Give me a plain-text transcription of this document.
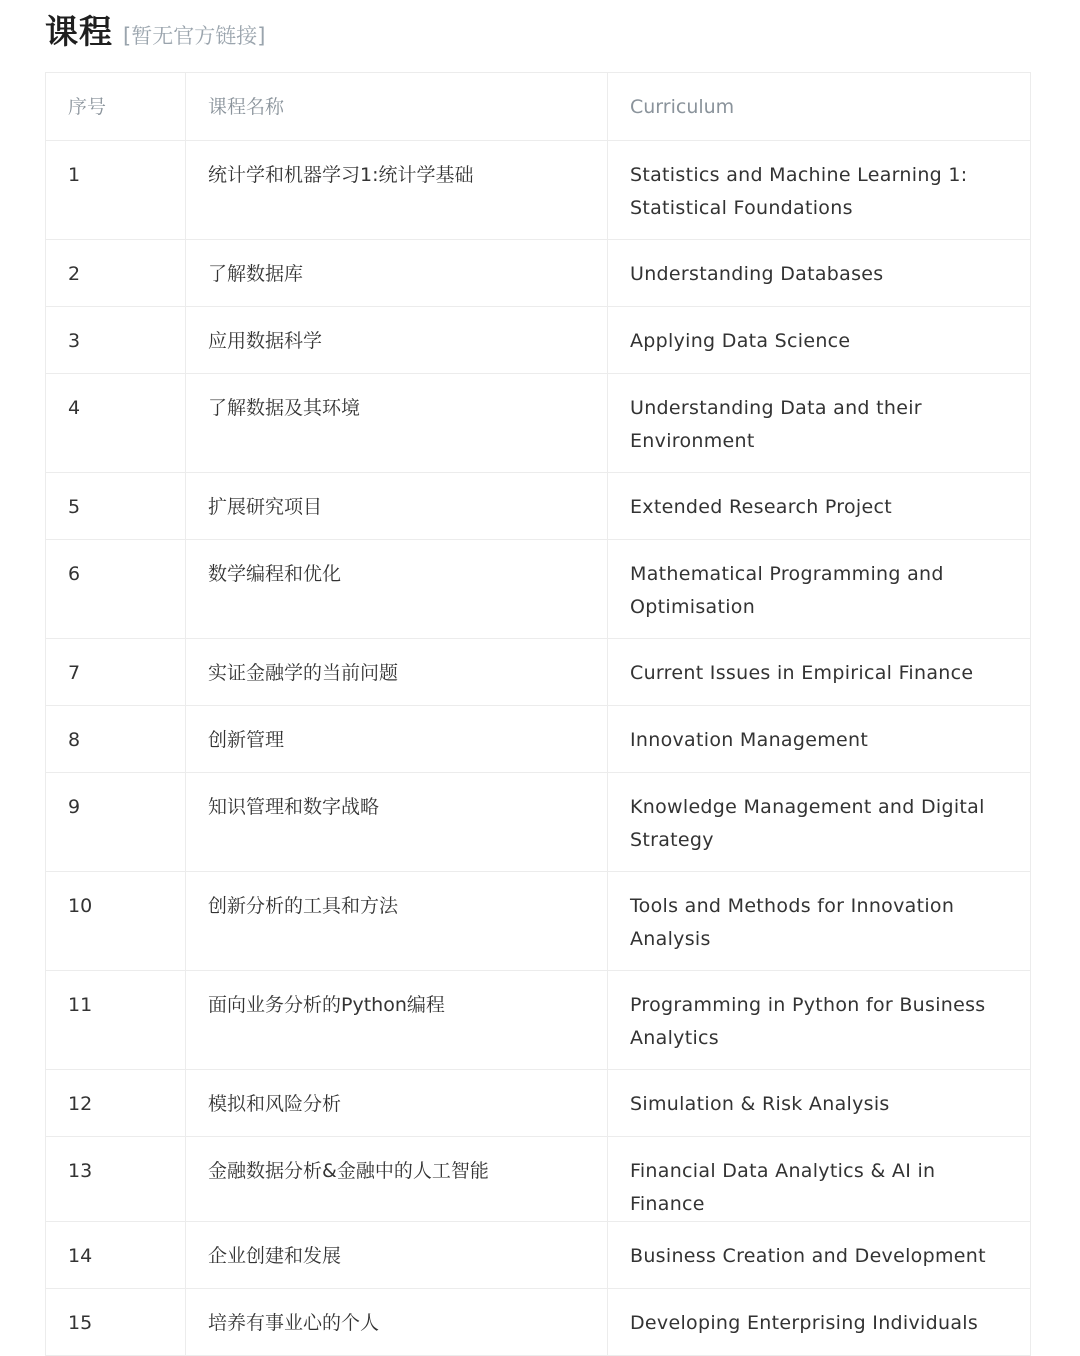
课程 [暂无官方链接]
序号	课程名称	Curriculum
1	统计学和机器学习1:统计学基础	Statistics and Machine Learning 1: Statistical Foundations
2	了解数据库	Understanding Databases
3	应用数据科学	Applying Data Science
4	了解数据及其环境	Understanding Data and their Environment
5	扩展研究项目	Extended Research Project
6	数学编程和优化	Mathematical Programming and Optimisation
7	实证金融学的当前问题	Current Issues in Empirical Finance
8	创新管理	Innovation Management
9	知识管理和数字战略	Knowledge Management and Digital Strategy
10	创新分析的工具和方法	Tools and Methods for Innovation Analysis
11	面向业务分析的Python编程	Programming in Python for Business Analytics
12	模拟和风险分析	Simulation & Risk Analysis
13	金融数据分析&金融中的人工智能	Financial Data Analytics & AI in Finance
14	企业创建和发展	Business Creation and Development
15	培养有事业心的个人	Developing Enterprising Individuals
